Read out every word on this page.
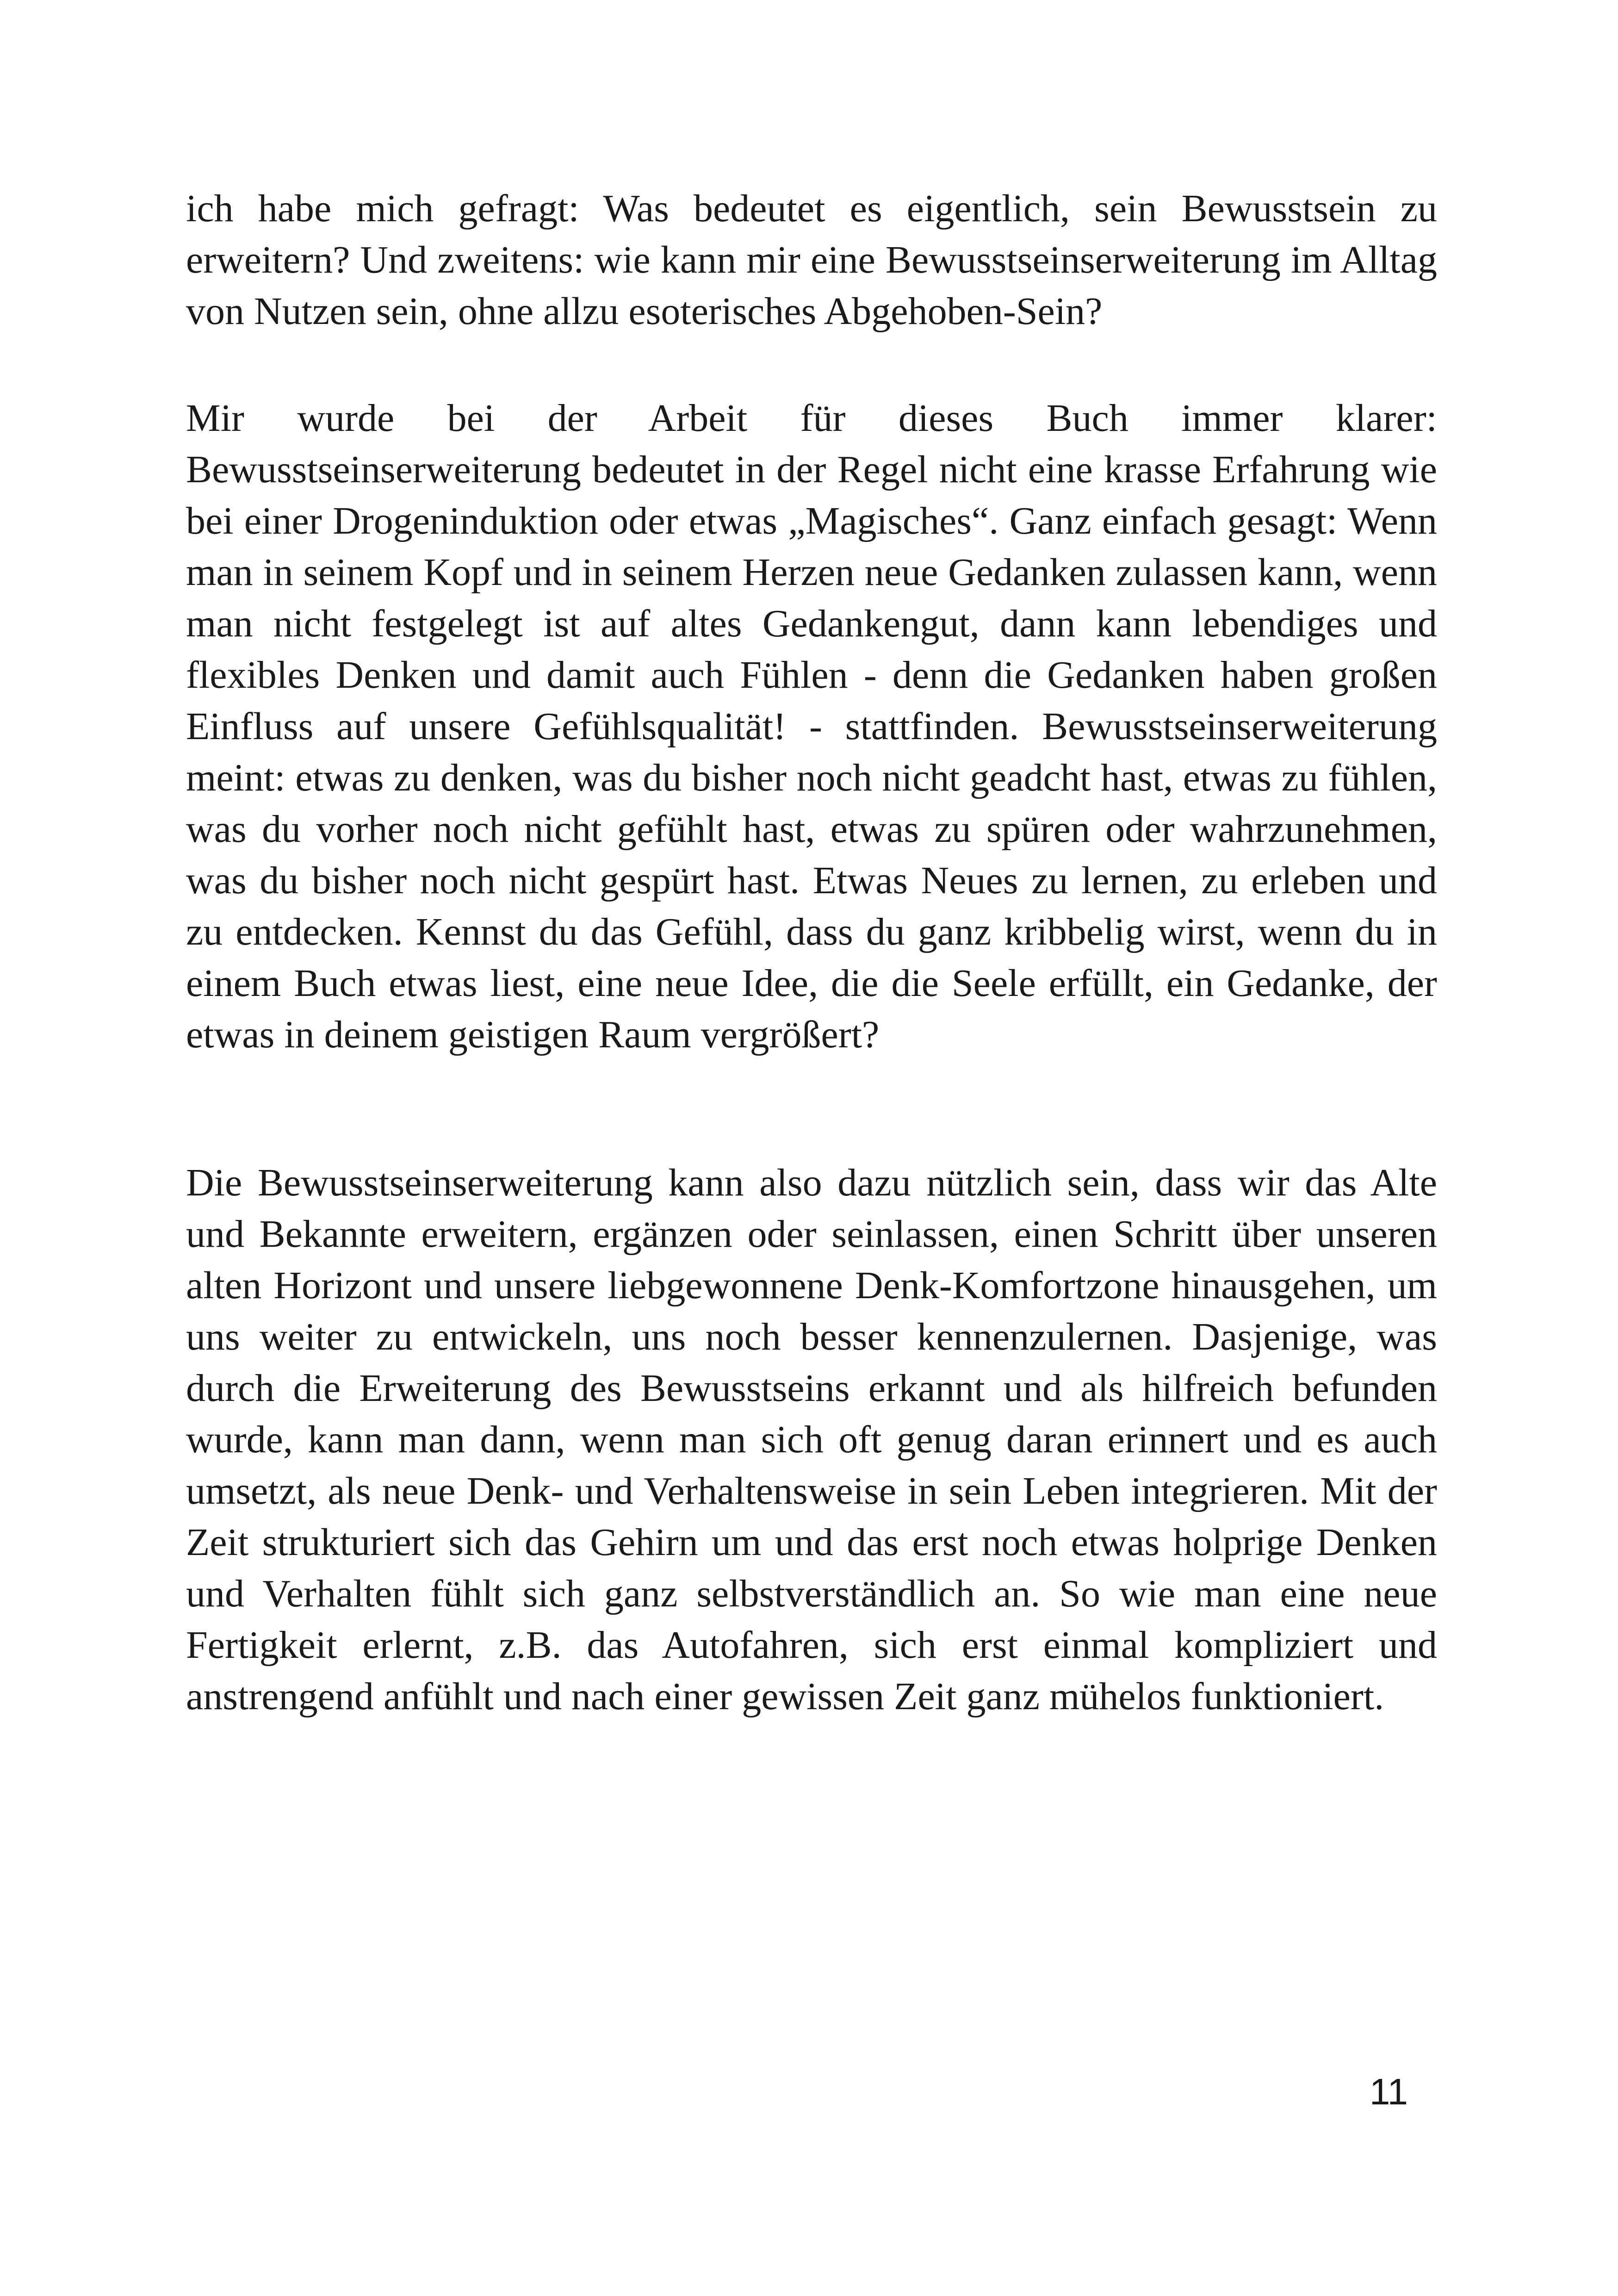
ich habe mich gefragt: Was bedeutet es eigentlich, sein Bewusstsein zu erweitern? Und zweitens: wie kann mir eine Bewusstseinserweiterung im Alltag von Nutzen sein, ohne allzu esoterisches Abgehoben-Sein?

Mir wurde bei der Arbeit für dieses Buch immer klarer: Bewusstseinserweiterung bedeutet in der Regel nicht eine krasse Erfahrung wie bei einer Drogeninduktion oder etwas „Magisches“. Ganz einfach gesagt: Wenn man in seinem Kopf und in seinem Herzen neue Gedanken zulassen kann, wenn man nicht festgelegt ist auf altes Gedankengut, dann kann lebendiges und flexibles Denken und damit auch Fühlen - denn die Gedanken haben großen Einfluss auf unsere Gefühlsqualität! - stattfinden. Bewusstseinserweiterung meint: etwas zu denken, was du bisher noch nicht geadcht hast, etwas zu fühlen, was du vorher noch nicht gefühlt hast, etwas zu spüren oder wahrzunehmen, was du bisher noch nicht gespürt hast. Etwas Neues zu lernen, zu erleben und zu entdecken. Kennst du das Gefühl, dass du ganz kribbelig wirst, wenn du in einem Buch etwas liest, eine neue Idee, die die Seele erfüllt, ein Gedanke, der etwas in deinem geistigen Raum vergrößert?

Die Bewusstseinserweiterung kann also dazu nützlich sein, dass wir das Alte und Bekannte erweitern, ergänzen oder seinlassen, einen Schritt über unseren alten Horizont und unsere liebgewonnene Denk-Komfortzone hinausgehen, um uns weiter zu entwickeln, uns noch besser kennenzulernen. Dasjenige, was durch die Erweiterung des Bewusstseins erkannt und als hilfreich befunden wurde, kann man dann, wenn man sich oft genug daran erinnert und es auch umsetzt, als neue Denk- und Verhaltensweise in sein Leben integrieren. Mit der Zeit strukturiert sich das Gehirn um und das erst noch etwas holprige Denken und Verhalten fühlt sich ganz selbstverständlich an. So wie man eine neue Fertigkeit erlernt, z.B. das Autofahren, sich erst einmal kompliziert und anstrengend anfühlt und nach einer gewissen Zeit ganz mühelos funktioniert.

11
